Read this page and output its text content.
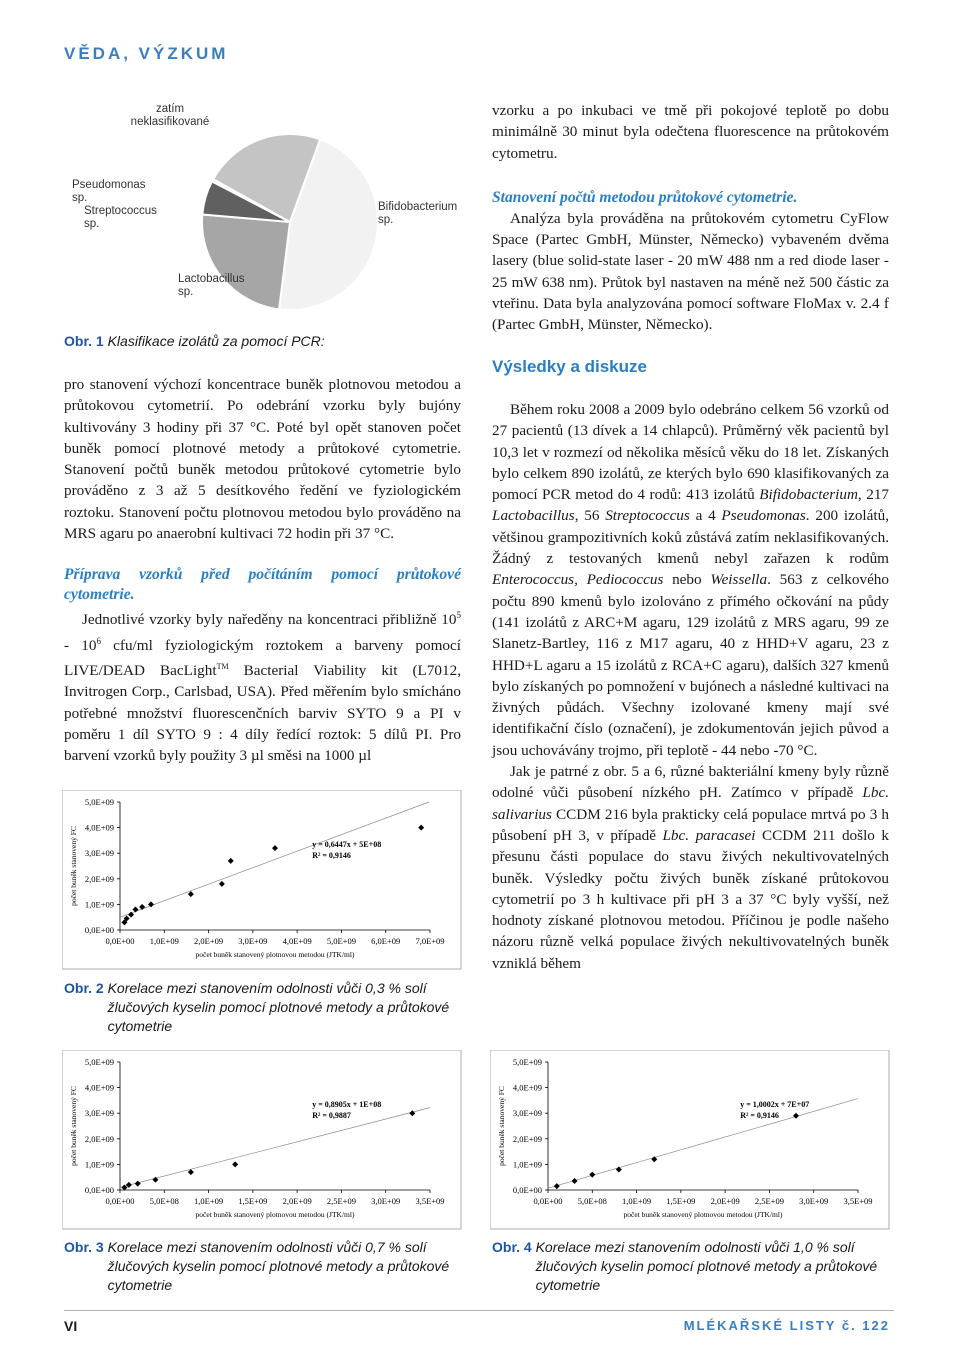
VĚDA, VÝZKUM
Bifidobacterium sp.
Lactobacillus sp.
Streptococcus sp.
Pseudomonas sp.
zatím neklasifikované
Obr. 1 Klasifikace izolátů za pomocí PCR:

pro stanovení výchozí koncentrace buněk plotnovou metodou a průtokovou cytometrií. Po odebrání vzorku byly bujóny kultivovány 3 hodiny při 37 °C. Poté byl opět stanoven počet buněk pomocí plotnové metody a průtokové cytometrie. Stanovení počtů buněk metodou průtokové cytometrie bylo prováděno z 3 až 5 desítkového ředění ve fyziologickém roztoku. Stanovení počtu plotnovou metodou bylo prováděno na MRS agaru po anaerobní kultivaci 72 hodin při 37 °C.

Příprava vzorků před počítáním pomocí průtokové cytometrie.

Jednotlivé vzorky byly naředěny na koncentraci přibližně $10^5 - 10^6$ cfu/ml fyziologickým roztokem a barveny pomocí LIVE/DEAD BacLight™ Bacterial Viability kit (L7012, Invitrogen Corp., Carlsbad, USA). Před měřením bylo smícháno potřebné množství fluorescenčních barviv SYTO 9 a PI v poměru 1 díl SYTO 9 : 4 díly ředící roztok: 5 dílů PI. Pro barvení vzorků byly použity 3 µl směsi na 1000 µl

0,0E+00
1,0E+09
2,0E+09
3,0E+09
4,0E+09
5,0E+09
0,0E+00 1,0E+09 2,0E+09 3,0E+09 4,0E+09 5,0E+09 6,0E+09 7,0E+09
počet buněk stanovený plotnovou metodou (JTK/ml)
počet buněk stanovený FC	y = 0,6447x + 5E+08
R² = 0,9146
Obr. 2 Korelace mezi stanovením odolnosti vůči 0,3 % solí žlučových kyselin pomocí plotnové metody a průtokové cytometrie

vzorku a po inkubaci ve tmě při pokojové teplotě po dobu minimálně 30 minut byla odečtena fluorescence na průtokovém cytometru.

Stanovení počtů metodou průtokové cytometrie.

Analýza byla prováděna na průtokovém cytometru CyFlow Space (Partec GmbH, Münster, Německo) vybaveném dvěma lasery (blue solid-state laser - 20 mW 488 nm a red diode laser - 25 mW 638 nm). Průtok byl nastaven na méně než 500 částic za vteřinu. Data byla analyzována pomocí software FloMax v. 2.4 f (Partec GmbH, Münster, Německo).

Výsledky a diskuze

Během roku 2008 a 2009 bylo odebráno celkem 56 vzorků od 27 pacientů (13 dívek a 14 chlapců). Průměrný věk pacientů byl 10,3 let v rozmezí od několika měsíců věku do 18 let. Získaných bylo celkem 890 izolátů, ze kterých bylo 690 klasifikovaných za pomocí PCR metod do 4 rodů: 413 izolátů Bifidobacterium, 217 Lactobacillus, 56 Streptococcus a 4 Pseudomonas. 200 izolátů, většinou grampozitivních koků zůstává zatím neklasifikovaných. Žádný z testovaných kmenů nebyl zařazen k rodům Enterococcus, Pediococcus nebo Weissella. 563 z celkového počtu 890 kmenů bylo izolováno z přímého očkování na půdy (141 izolátů z ARC+M agaru, 129 izolátů z MRS agaru, 99 ze Slanetz-Bartley, 116 z M17 agaru, 40 z HHD+V agaru, 23 z HHD+L agaru a 15 izolátů z RCA+C agaru), dalších 327 kmenů bylo získaných po pomnožení v bujónech a následné kultivaci na živných půdách. Všechny izolované kmeny mají své identifikační číslo (označení), je zdokumentován jejich původ a jsou uchovávány trojmo, při teplotě - 44 nebo -70 °C.

Jak je patrné z obr. 5 a 6, různé bakteriální kmeny byly různě odolné vůči působení nízkého pH. Zatímco v případě Lbc. salivarius CCDM 216 byla prakticky celá populace mrtvá po 3 h působení pH 3, v případě Lbc. paracasei CCDM 211 došlo k přesunu části populace do stavu živých nekultivovatelných buněk. Výsledky počtu živých buněk získané průtokovou cytometrií po 3 h kultivace při pH 3 a 37 °C byly vyšší, než hodnoty získané plotnovou metodou. Příčinou je podle našeho názoru různě velká populace živých nekultivovatelných buněk vzniklá během

0,0E+00
1,0E+09
2,0E+09
3,0E+09
4,0E+09
5,0E+09
0,0E+00 5,0E+08 1,0E+09 1,5E+09 2,0E+09 2,5E+09 3,0E+09 3,5E+09
počet buněk stanovený plotnovou metodou (JTK/ml)
počet buněk stanovený FC	y = 0,8905x + 1E+08
R² = 0,9887
Obr. 3 Korelace mezi stanovením odolnosti vůči 0,7 % solí žlučových kyselin pomocí plotnové metody a průtokové cytometrie
0,0E+00
1,0E+09
2,0E+09
3,0E+09
4,0E+09
5,0E+09
0,0E+00 5,0E+08 1,0E+09 1,5E+09 2,0E+09 2,5E+09 3,0E+09 3,5E+09
počet buněk stanovený plotnovou metodou (JTK/ml)
počet buněk stanovený FC	y = 1,0002x + 7E+07
R² = 0,9146
Obr. 4 Korelace mezi stanovením odolnosti vůči 1,0 % solí žlučových kyselin pomocí plotnové metody a průtokové cytometrie
VI	MLÉKAŘSKÉ LISTY č. 122
